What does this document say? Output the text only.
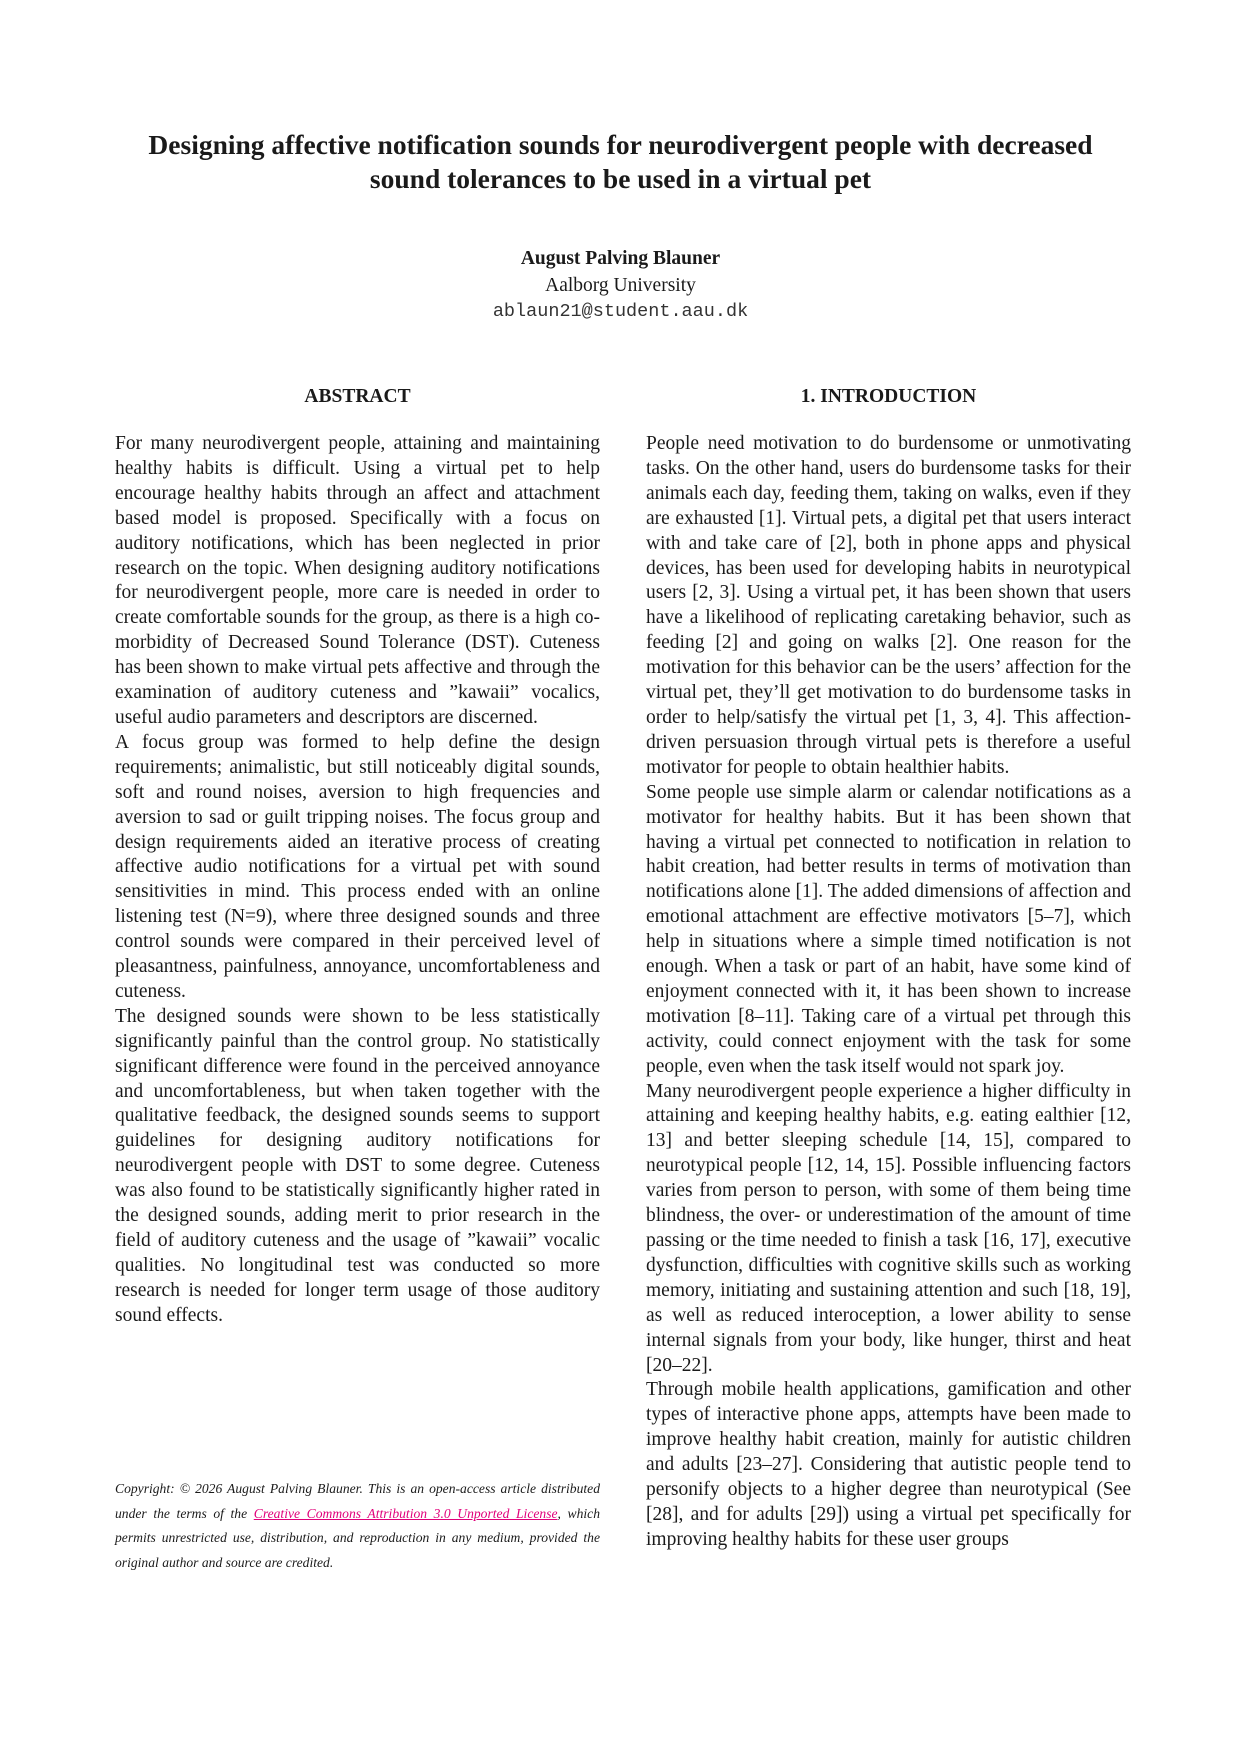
Designing affective notification sounds for neurodivergent people with decreased sound tolerances to be used in a virtual pet
August Palving Blauner
Aalborg University
ablaun21@student.aau.dk
ABSTRACT

For many neurodivergent people, attaining and maintaining healthy habits is difficult. Using a virtual pet to help encourage healthy habits through an affect and attachment based model is proposed. Specifically with a focus on auditory notifications, which has been neglected in prior research on the topic. When designing auditory notifications for neurodivergent people, more care is needed in order to create comfortable sounds for the group, as there is a high co-morbidity of Decreased Sound Tolerance (DST). Cuteness has been shown to make virtual pets affective and through the examination of auditory cuteness and ”kawaii” vocalics, useful audio parameters and descriptors are discerned.

A focus group was formed to help define the design requirements; animalistic, but still noticeably digital sounds, soft and round noises, aversion to high frequencies and aversion to sad or guilt tripping noises. The focus group and design requirements aided an iterative process of creating affective audio notifications for a virtual pet with sound sensitivities in mind. This process ended with an online listening test (N=9), where three designed sounds and three control sounds were compared in their perceived level of pleasantness, painfulness, annoyance, uncomfortableness and cuteness.

The designed sounds were shown to be less statistically significantly painful than the control group. No statistically significant difference were found in the perceived annoyance and uncomfortableness, but when taken together with the qualitative feedback, the designed sounds seems to support guidelines for designing auditory notifications for neurodivergent people with DST to some degree. Cuteness was also found to be statistically significantly higher rated in the designed sounds, adding merit to prior research in the field of auditory cuteness and the usage of ”kawaii” vocalic qualities. No longitudinal test was conducted so more research is needed for longer term usage of those auditory sound effects.

Copyright: © 2026 August Palving Blauner. This is an open-access article distributed under the terms of the Creative Commons Attribution 3.0 Unported License, which permits unrestricted use, distribution, and reproduction in any medium, provided the original author and source are credited.

1. INTRODUCTION

People need motivation to do burdensome or unmotivating tasks. On the other hand, users do burdensome tasks for their animals each day, feeding them, taking on walks, even if they are exhausted [1]. Virtual pets, a digital pet that users interact with and take care of [2], both in phone apps and physical devices, has been used for developing habits in neurotypical users [2, 3]. Using a virtual pet, it has been shown that users have a likelihood of replicating caretaking behavior, such as feeding [2] and going on walks [2]. One reason for the motivation for this behavior can be the users’ affection for the virtual pet, they’ll get motivation to do burdensome tasks in order to help/satisfy the virtual pet [1, 3, 4]. This affection-driven persuasion through virtual pets is therefore a useful motivator for people to obtain healthier habits.

Some people use simple alarm or calendar notifications as a motivator for healthy habits. But it has been shown that having a virtual pet connected to notification in relation to habit creation, had better results in terms of motivation than notifications alone [1]. The added dimensions of affection and emotional attachment are effective motivators [5–7], which help in situations where a simple timed notification is not enough. When a task or part of an habit, have some kind of enjoyment connected with it, it has been shown to increase motivation [8–11]. Taking care of a virtual pet through this activity, could connect enjoyment with the task for some people, even when the task itself would not spark joy.

Many neurodivergent people experience a higher difficulty in attaining and keeping healthy habits, e.g. eating ealthier [12, 13] and better sleeping schedule [14, 15], compared to neurotypical people [12, 14, 15]. Possible influencing factors varies from person to person, with some of them being time blindness, the over- or underestimation of the amount of time passing or the time needed to finish a task [16, 17], executive dysfunction, difficulties with cognitive skills such as working memory, initiating and sustaining attention and such [18, 19], as well as reduced interoception, a lower ability to sense internal signals from your body, like hunger, thirst and heat [20–22].

Through mobile health applications, gamification and other types of interactive phone apps, attempts have been made to improve healthy habit creation, mainly for autistic children and adults [23–27]. Considering that autistic people tend to personify objects to a higher degree than neurotypical (See [28], and for adults [29]) using a virtual pet specifically for improving healthy habits for these user groups
